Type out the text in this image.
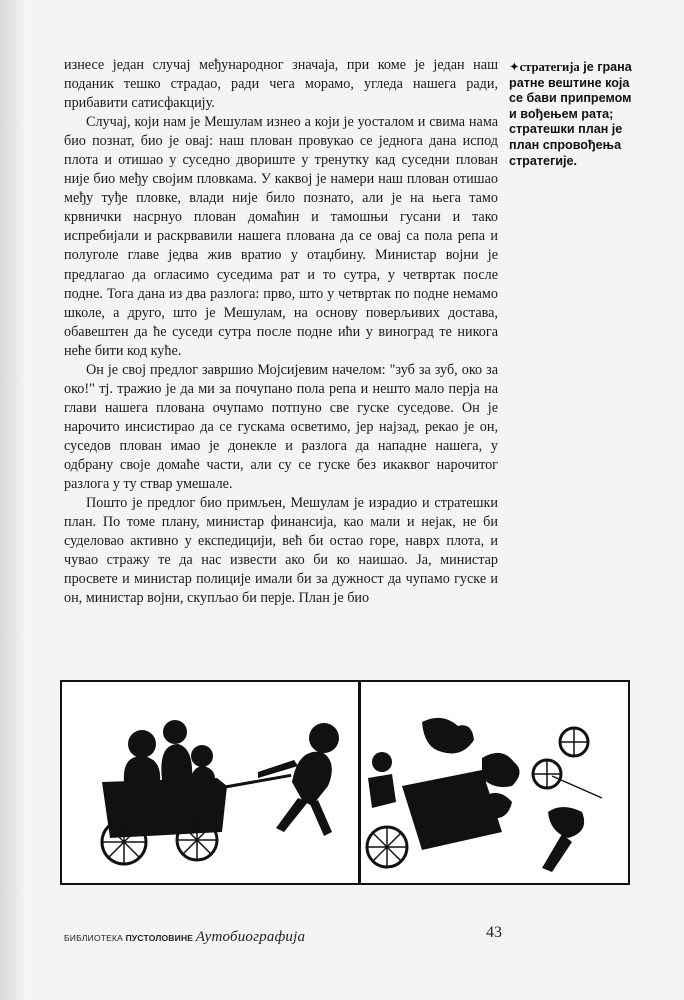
изнесе један случај међународног значаја, при коме је један наш поданик тешко страдао, ради чега морамо, угледа нашега ради, прибавити сатисфакцију.

Случај, који нам је Мешулам изнео а који је уосталом и свима нама био познат, био је овај: наш плован провукао се једнога дана испод плота и отишао у суседно двориште у тренутку кад суседни плован није био међу својим пловкама. У каквој је намери наш плован отишао међу туђе пловке, влади није било познато, али је на њега тамо крвнички насрнуо плован домаћин и тамошњи гусани и тако испребијали и раскрвавили нашега плована да се овај са пола репа и полуголе главе једва жив вратио у отаџбину. Министар војни је предлагао да огласимо суседима рат и то сутра, у четвртак после подне. Тога дана из два разлога: прво, што у четвртак по подне немамо школе, а друго, што је Мешулам, на основу поверљивих достава, обавештен да ће суседи сутра после подне ићи у виноград те никога неће бити код куће.

Он је свој предлог завршио Мојсијевим начелом: "зуб за зуб, око за око!" тј. тражио је да ми за почупано пола репа и нешто мало перја на глави нашега плована очупамо потпуно све гуске суседове. Он је нарочито инсистирао да се гускама осветимо, јер најзад, рекао је он, суседов плован имао је донекле и разлога да нападне нашега, у одбрану своје домаће части, али су се гуске без икаквог нарочитог разлога у ту ствар умешале.

Пошто је предлог био примљен, Мешулам је израдио и стратешки план. По томе плану, министар финансија, као мали и нејак, не би суделовао активно у експедицији, већ би остао горе, наврх плота, и чувао стражу те да нас извести ако би ко наишао. Ја, министар просвете и министар полиције имали би за дужност да чупамо гуске и он, министар војни, скупљао би перје. План је био

✦стратегија је грана ратне вештине која се бави припремом и вођењем рата; стратешки план је план спровођења стратегије.
БИБЛИОТЕКА ПУСТОЛОВИНЕ Аутобиографија	43
